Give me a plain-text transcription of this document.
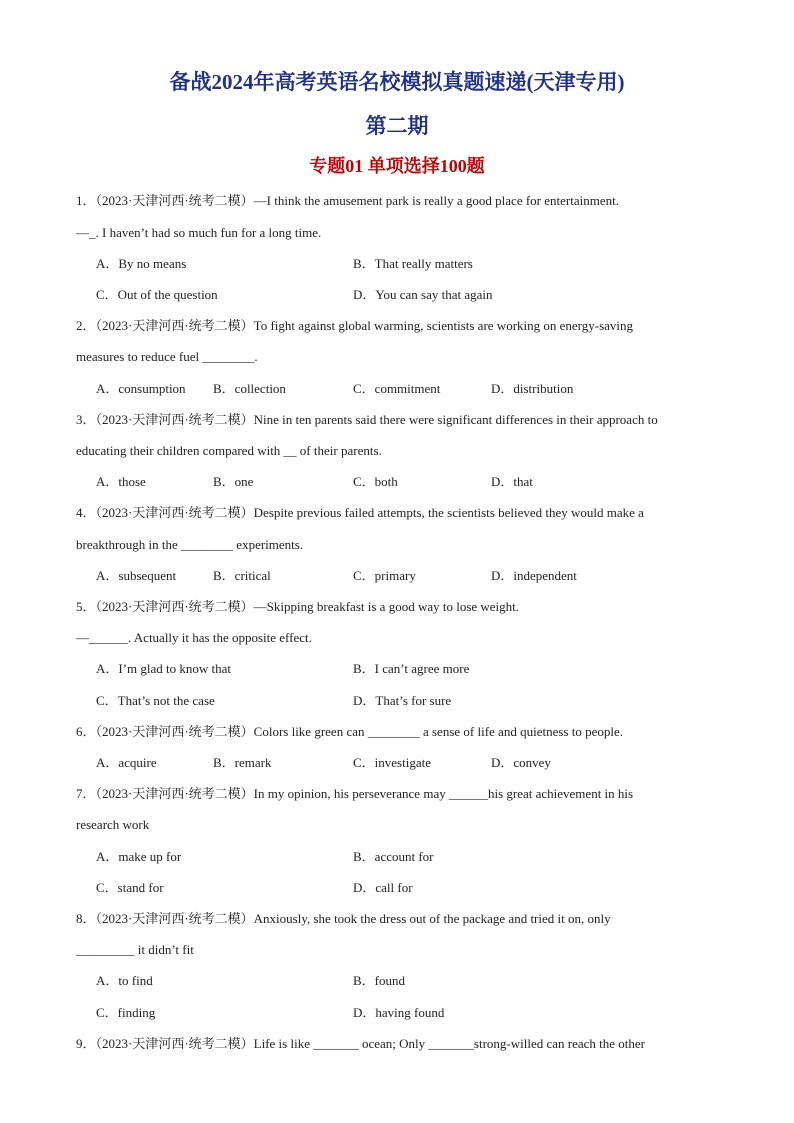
备战2024年高考英语名校模拟真题速递(天津专用)
第二期
专题01 单项选择100题
1．（2023·天津河西·统考二模）—I think the amusement park is really a good place for entertainment.
—_. I haven’t had so much fun for a long time.
A．By no means	B．That really matters
C．Out of the question	D．You can say that again
2．（2023·天津河西·统考二模）To fight against global warming, scientists are working on energy-saving
measures to reduce fuel ________.
A．consumption B．collection	C．commitment	D．distribution
3．（2023·天津河西·统考二模）Nine in ten parents said there were significant differences in their approach to
educating their children compared with __ of their parents.
A．those	B．one	C．both	D．that
4．（2023·天津河西·统考二模）Despite previous failed attempts, the scientists believed they would make a
breakthrough in the ________ experiments.
A．subsequent	B．critical	C．primary	D．independent
5．（2023·天津河西·统考二模）—Skipping breakfast is a good way to lose weight.
—______. Actually it has the opposite effect.
A．I’m glad to know that	B．I can’t agree more
C．That’s not the case	D．That’s for sure
6．（2023·天津河西·统考二模）Colors like green can ________ a sense of life and quietness to people.
A．acquire	B．remark	C．investigate	D．convey
7．（2023·天津河西·统考二模）In my opinion, his perseverance may ______his great achievement in his
research work
A．make up for	B．account for
C．stand for	D．call for
8．（2023·天津河西·统考二模）Anxiously, she took the dress out of the package and tried it on, only
_________ it didn’t fit
A．to find	B．found
C．finding	D．having found
9．（2023·天津河西·统考二模）Life is like _______ ocean; Only _______strong-willed can reach the other
